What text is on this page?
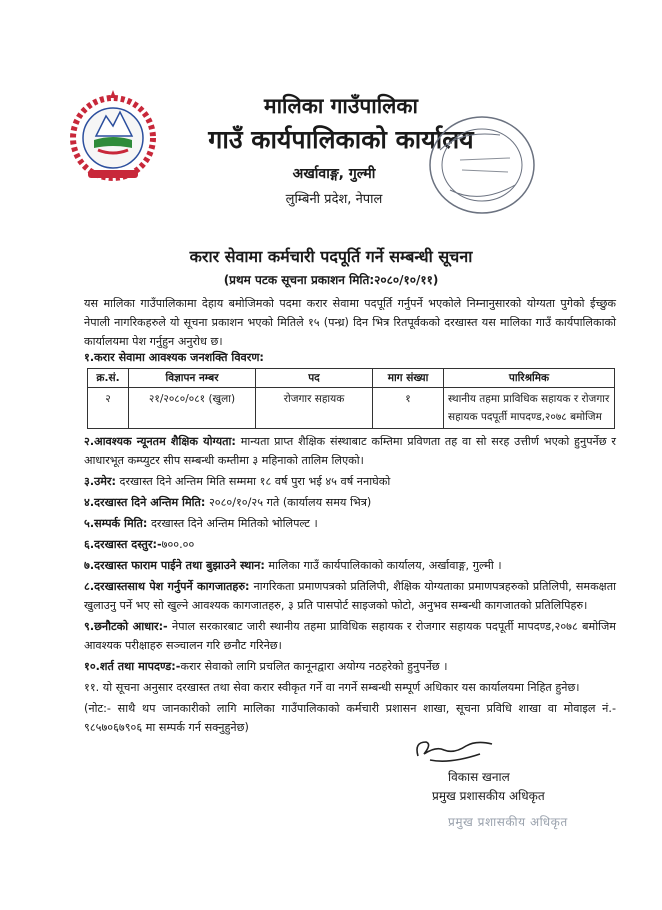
मालिका गाउँपालिका
गाउँ कार्यपालिकाको कार्यालय
अर्खावाङ्ग, गुल्मी
लुम्बिनी प्रदेश, नेपाल
करार सेवामा कर्मचारी पदपूर्ति गर्ने सम्बन्धी सूचना
(प्रथम पटक सूचना प्रकाशन मिति:२०८०/१०/११)
यस मालिका गाउँपालिकामा देहाय बमोजिमको पदमा करार सेवामा पदपूर्ति गर्नुपर्ने भएकोले निम्नानुसारको योग्यता पुगेको ईच्छुक नेपाली नागरिकहरुले यो सूचना प्रकाशन भएको मितिले १५ (पन्ध्र) दिन भित्र रितपूर्वकको दरखास्त यस मालिका गाउँ कार्यपालिकाको कार्यालयमा पेश गर्नुहुन अनुरोध छ।
१.करार सेवामा आवश्यक जनशक्ति विवरण:
क्र.सं.	विज्ञापन नम्बर	पद	माग संख्या	पारिश्रमिक
२	२१/२०८०/०८१ (खुला)	रोजगार सहायक	१	स्थानीय तहमा प्राविधिक सहायक र रोजगार सहायक पदपूर्ती मापदण्ड,२०७८ बमोजिम
२.आवश्यक न्यूनतम शैक्षिक योग्यता: मान्यता प्राप्त शैक्षिक संस्थाबाट कम्तिमा प्रविणता तह वा सो सरह उत्तीर्ण भएको हुनुपर्नेछ र आधारभूत कम्प्युटर सीप सम्बन्धी कम्तीमा ३ महिनाको तालिम लिएको।
३.उमेर: दरखास्त दिने अन्तिम मिति सम्ममा १८ वर्ष पुरा भई ४५ वर्ष ननाघेको
४.दरखास्त दिने अन्तिम मिति: २०८०/१०/२५ गते (कार्यालय समय भित्र)
५.सम्पर्क मिति: दरखास्त दिने अन्तिम मितिको भोलिपल्ट ।
६.दरखास्त दस्तुर:-७००.००
७.दरखास्त फाराम पाईने तथा बुझाउने स्थान: मालिका गाउँ कार्यपालिकाको कार्यालय, अर्खावाङ्ग, गुल्मी ।
८.दरखास्तसाथ पेश गर्नुपर्ने कागजातहरु: नागरिकता प्रमाणपत्रको प्रतिलिपी, शैक्षिक योग्यताका प्रमाणपत्रहरुको प्रतिलिपी, समकक्षता खुलाउनु पर्ने भए सो खुल्ने आवश्यक कागजातहरु, ३ प्रति पासपोर्ट साइजको फोटो, अनुभव सम्बन्धी कागजातको प्रतिलिपिहरु।
९.छनौटको आधार:- नेपाल सरकारबाट जारी स्थानीय तहमा प्राविधिक सहायक र रोजगार सहायक पदपूर्ती मापदण्ड,२०७८ बमोजिम आवश्यक परीक्षाहरु सञ्चालन गरि छनौट गरिनेछ।
१०.शर्त तथा मापदण्ड:-करार सेवाको लागि प्रचलित कानूनद्वारा अयोग्य नठहरेको हुनुपर्नेछ ।
११. यो सूचना अनुसार दरखास्त तथा सेवा करार स्वीकृत गर्ने वा नगर्ने सम्बन्धी सम्पूर्ण अधिकार यस कार्यालयमा निहित हुनेछ।
(नोट:- साथै थप जानकारीको लागि मालिका गाउँपालिकाको कर्मचारी प्रशासन शाखा, सूचना प्रविधि शाखा वा मोवाइल नं.- ९८५७०६७९०६ मा सम्पर्क गर्न सक्नुहुनेछ)
विकास खनाल
प्रमुख प्रशासकीय अधिकृत
प्रमुख प्रशासकीय अधिकृत
